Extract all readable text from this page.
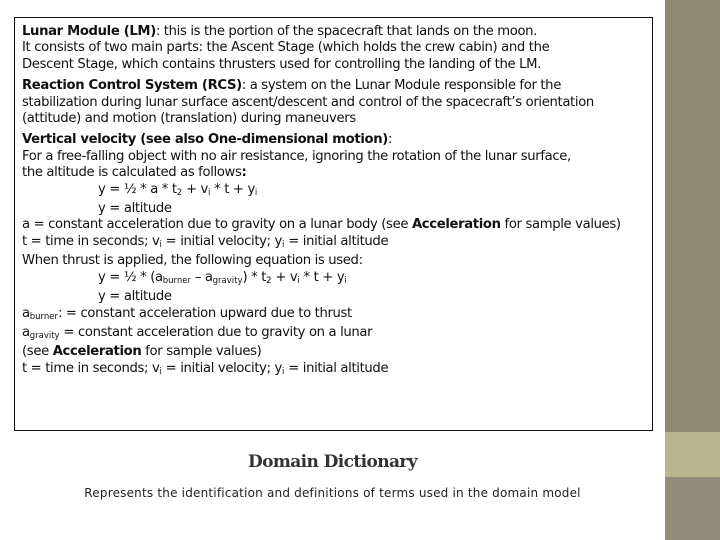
Lunar Module (LM): this is the portion of the spacecraft that lands on the moon.
It consists of two main parts: the Ascent Stage (which holds the crew cabin) and the
Descent Stage, which contains thrusters used for controlling the landing of the LM.
Reaction Control System (RCS): a system on the Lunar Module responsible for the
stabilization during lunar surface ascent/descent and control of the spacecraft’s orientation
(attitude) and motion (translation) during maneuvers
Vertical velocity (see also One-dimensional motion):
For a free-falling object with no air resistance, ignoring the rotation of the lunar surface,
the altitude is calculated as follows:
y = ½ * $a * t_2 + v_i * t + y_i$
y = altitude
a = constant acceleration due to gravity on a lunar body (see Acceleration for sample values)
t = time in seconds; $v_i$ = initial velocity; $y_i$ = initial altitude
When thrust is applied, the following equation is used:
y = ½ * $(a_{burner} - a_{gravity}) * t_2 + v_i * t + y_i$
y = altitude
$a_{burner}$: = constant acceleration upward due to thrust
$a_{gravity}$ = constant acceleration due to gravity on a lunar
(see Acceleration for sample values)
t = time in seconds; $v_i$ = initial velocity; $y_i$ = initial altitude
Domain Dictionary
Represents the identification and definitions of terms used in the domain model
